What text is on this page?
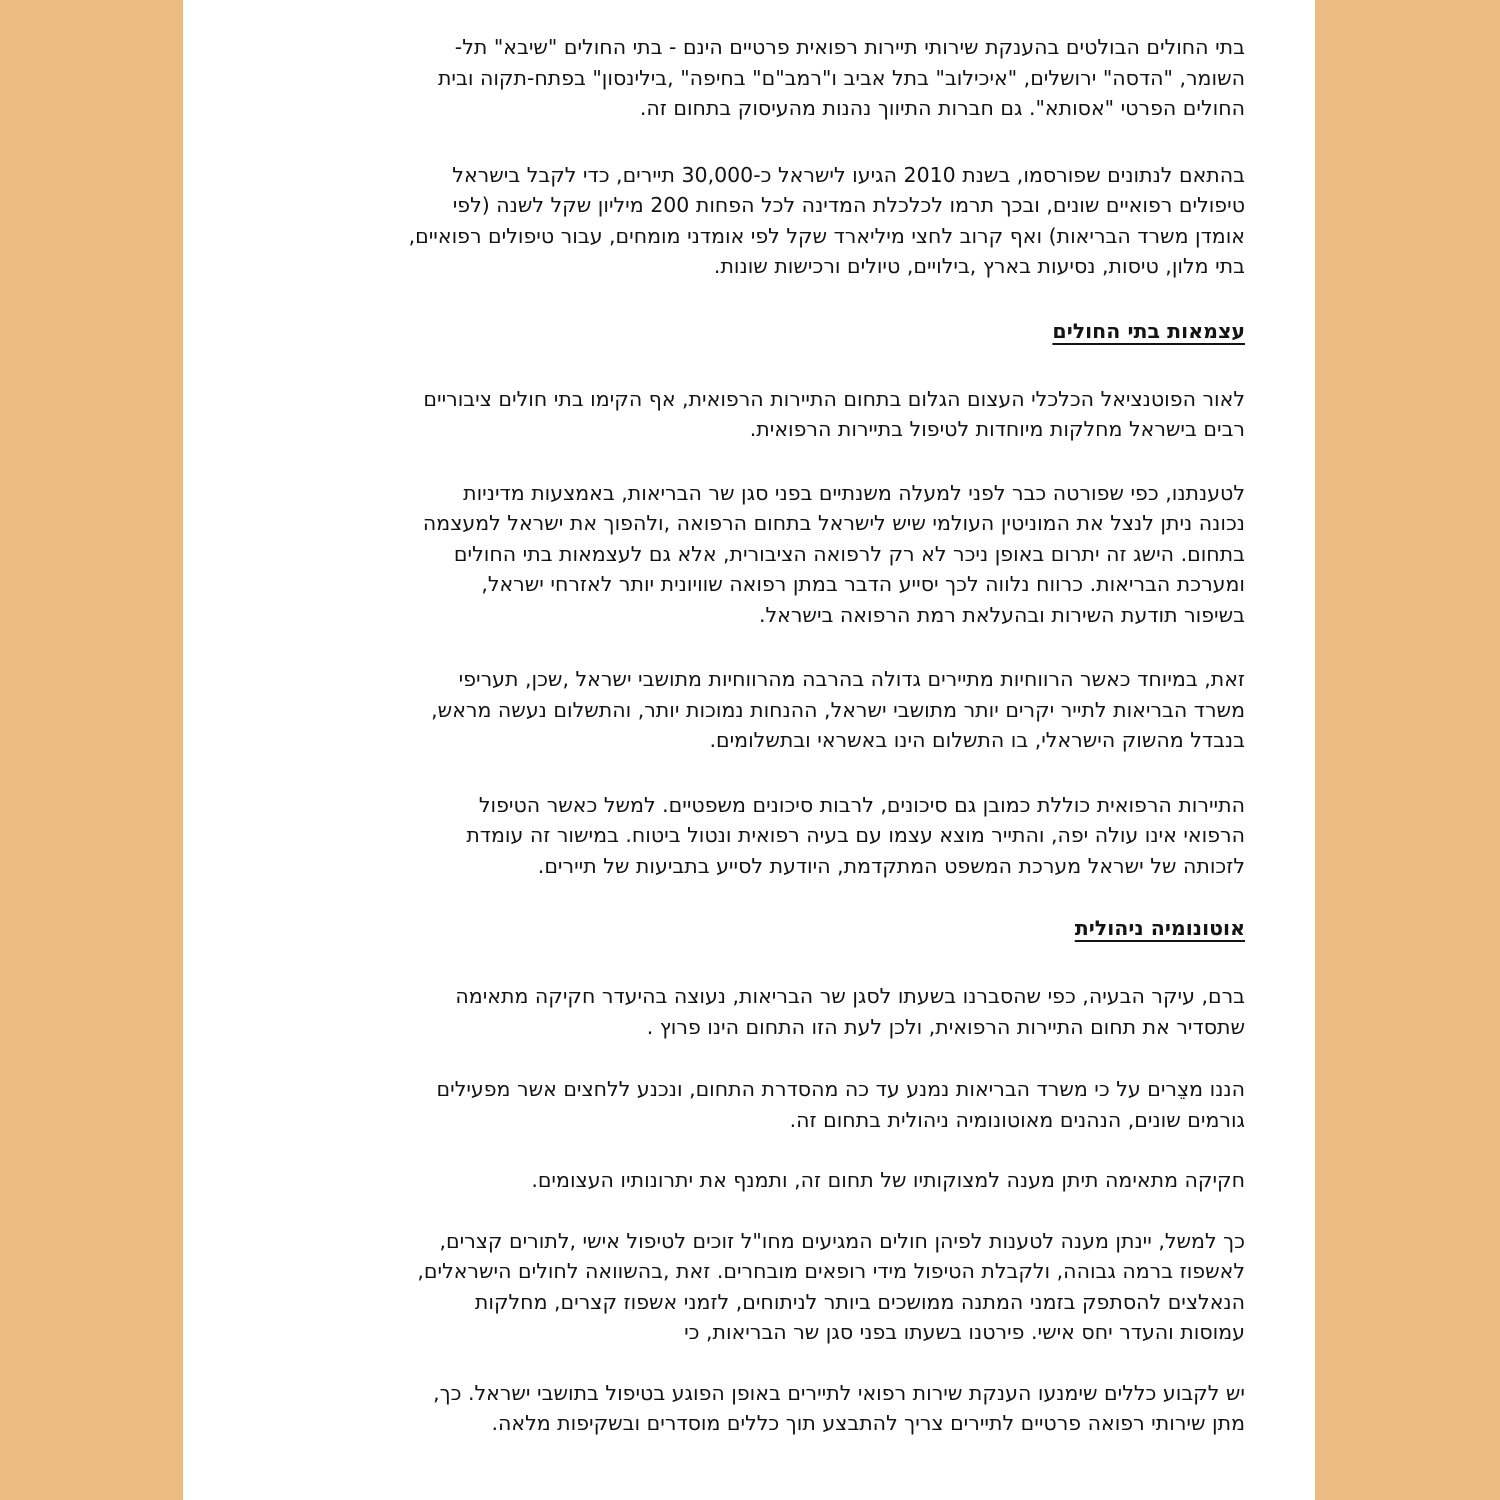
בתי החולים הבולטים בהענקת שירותי תיירות רפואית פרטיים הינם - בתי החולים "שיבא" תל-
השומר, "הדסה" ירושלים, "איכילוב" בתל אביב ו"רמב"ם" בחיפה" ,בילינסון" בפתח-תקוה ובית
החולים הפרטי "אסותא". גם חברות התיווך נהנות מהעיסוק בתחום זה.
בהתאם לנתונים שפורסמו, בשנת 2010 הגיעו לישראל כ-30,000 תיירים, כדי לקבל בישראל
טיפולים רפואיים שונים, ובכך תרמו לכלכלת המדינה לכל הפחות 200 מיליון שקל לשנה (לפי
אומדן משרד הבריאות) ואף קרוב לחצי מיליארד שקל לפי אומדני מומחים, עבור טיפולים רפואיים,
בתי מלון, טיסות, נסיעות בארץ ,בילויים, טיולים ורכישות שונות.
עצמאות בתי החולים
לאור הפוטנציאל הכלכלי העצום הגלום בתחום התיירות הרפואית, אף הקימו בתי חולים ציבוריים
רבים בישראל מחלקות מיוחדות לטיפול בתיירות הרפואית.
לטענתנו, כפי שפורטה כבר לפני למעלה משנתיים בפני סגן שר הבריאות, באמצעות מדיניות
נכונה ניתן לנצל את המוניטין העולמי שיש לישראל בתחום הרפואה ,ולהפוך את ישראל למעצמה
בתחום. הישג זה יתרום באופן ניכר לא רק לרפואה הציבורית, אלא גם לעצמאות בתי החולים
ומערכת הבריאות. כרווח נלווה לכך יסייע הדבר במתן רפואה שוויונית יותר לאזרחי ישראל,
בשיפור תודעת השירות ובהעלאת רמת הרפואה בישראל.
זאת, במיוחד כאשר הרווחיות מתיירים גדולה בהרבה מהרווחיות מתושבי ישראל ,שכן, תעריפי
משרד הבריאות לתייר יקרים יותר מתושבי ישראל, ההנחות נמוכות יותר, והתשלום נעשה מראש,
בנבדל מהשוק הישראלי, בו התשלום הינו באשראי ובתשלומים.
התיירות הרפואית כוללת כמובן גם סיכונים, לרבות סיכונים משפטיים. למשל כאשר הטיפול
הרפואי אינו עולה יפה, והתייר מוצא עצמו עם בעיה רפואית ונטול ביטוח. במישור זה עומדת
לזכותה של ישראל מערכת המשפט המתקדמת, היודעת לסייע בתביעות של תיירים.
אוטונומיה ניהולית
ברם, עיקר הבעיה, כפי שהסברנו בשעתו לסגן שר הבריאות, נעוצה בהיעדר חקיקה מתאימה
שתסדיר את תחום התיירות הרפואית, ולכן לעת הזו התחום הינו פרוץ .
הננו מצֵרים על כי משרד הבריאות נמנע עד כה מהסדרת התחום, ונכנע ללחצים אשר מפעילים
גורמים שונים, הנהנים מאוטונומיה ניהולית בתחום זה.
חקיקה מתאימה תיתן מענה למצוקותיו של תחום זה, ותמנף את יתרונותיו העצומים.
כך למשל, יינתן מענה לטענות לפיהן חולים המגיעים מחו"ל זוכים לטיפול אישי ,לתורים קצרים,
לאשפוז ברמה גבוהה, ולקבלת הטיפול מידי רופאים מובחרים. זאת ,בהשוואה לחולים הישראלים,
הנאלצים להסתפק בזמני המתנה ממושכים ביותר לניתוחים, לזמני אשפוז קצרים, מחלקות
עמוסות והעדר יחס אישי. פירטנו בשעתו בפני סגן שר הבריאות, כי
יש לקבוע כללים שימנעו הענקת שירות רפואי לתיירים באופן הפוגע בטיפול בתושבי ישראל. כך,
מתן שירותי רפואה פרטיים לתיירים צריך להתבצע תוך כללים מוסדרים ובשקיפות מלאה.
